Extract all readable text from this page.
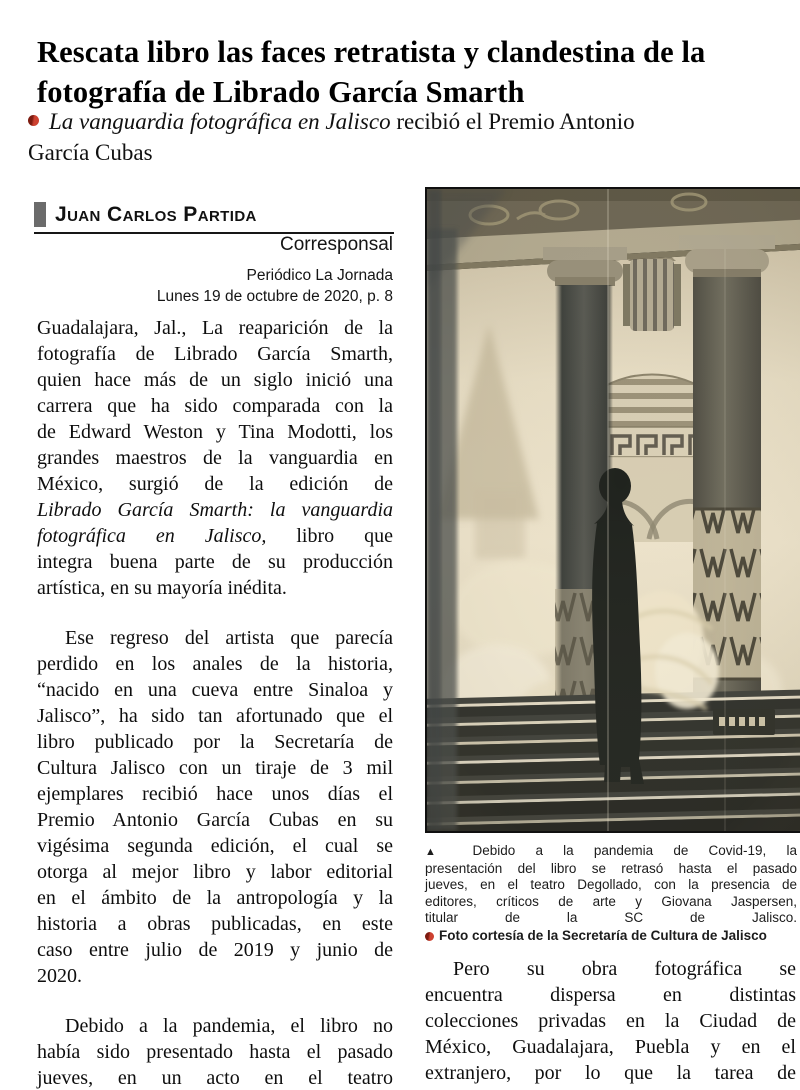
Rescata libro las faces retratista y clandestina de la
fotografía de Librado García Smarth
La vanguardia fotográfica en Jalisco recibió el Premio Antonio
García Cubas
Juan Carlos Partida
Corresponsal
Periódico La Jornada
Lunes 19 de octubre de 2020, p. 8
Guadalajara, Jal., La reaparición de la
fotografía de Librado García Smarth,
quien hace más de un siglo inició una
carrera que ha sido comparada con la
de Edward Weston y Tina Modotti, los
grandes maestros de la vanguardia en
México, surgió de la edición de
Librado García Smarth: la vanguardia
fotográfica en Jalisco, libro que
integra buena parte de su producción
artística, en su mayoría inédita.
Ese regreso del artista que parecía
perdido en los anales de la historia,
“nacido en una cueva entre Sinaloa y
Jalisco”, ha sido tan afortunado que el
libro publicado por la Secretaría de
Cultura Jalisco con un tiraje de 3 mil
ejemplares recibió hace unos días el
Premio Antonio García Cubas en su
vigésima segunda edición, el cual se
otorga al mejor libro y labor editorial
en el ámbito de la antropología y la
historia a obras publicadas, en este
caso entre julio de 2019 y junio de
2020.
Debido a la pandemia, el libro no
había sido presentado hasta el pasado
jueves, en un acto en el teatro
▲ Debido a la pandemia de Covid-19, la
presentación del libro se retrasó hasta el pasado
jueves, en el teatro Degollado, con la presencia de
editores, críticos de arte y Giovana Jaspersen,
titular de la SC de Jalisco.
Foto cortesía de la Secretaría de Cultura de Jalisco
Pero su obra fotográfica se
encuentra dispersa en distintas
colecciones privadas en la Ciudad de
México, Guadalajara, Puebla y en el
extranjero, por lo que la tarea de
